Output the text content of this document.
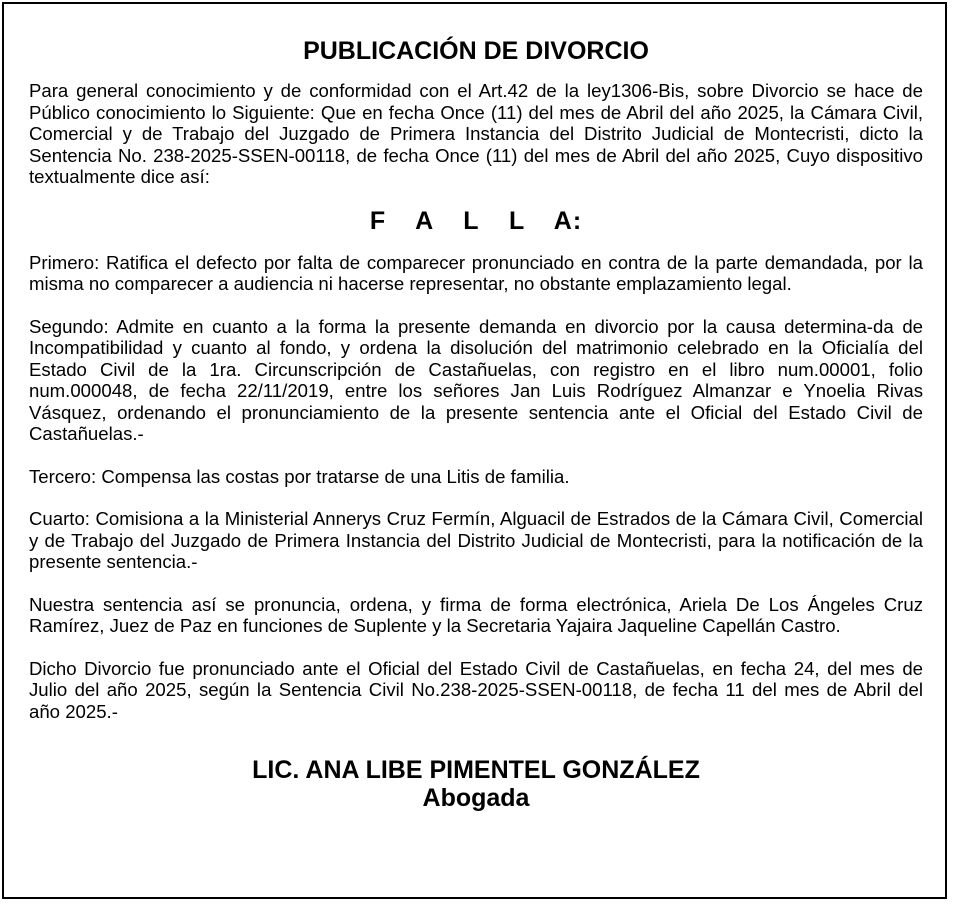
PUBLICACIÓN DE DIVORCIO

Para general conocimiento y de conformidad con el Art.42 de la ley1306-Bis, sobre Divorcio se hace de Público conocimiento lo Siguiente: Que en fecha Once (11) del mes de Abril del año 2025, la Cámara Civil, Comercial y de Trabajo del Juzgado de Primera Instancia del Distrito Judicial de Montecristi, dicto la Sentencia No. 238-2025-SSEN-00118, de fecha Once (11) del mes de Abril del año 2025, Cuyo dispositivo textualmente dice así:

F A L L A:

Primero: Ratifica el defecto por falta de comparecer pronunciado en contra de la parte demandada, por la misma no comparecer a audiencia ni hacerse representar, no obstante emplazamiento legal.

Segundo: Admite en cuanto a la forma la presente demanda en divorcio por la causa determina-da de Incompatibilidad y cuanto al fondo, y ordena la disolución del matrimonio celebrado en la Oficialía del Estado Civil de la 1ra. Circunscripción de Castañuelas, con registro en el libro num.00001, folio num.000048, de fecha 22/11/2019, entre los señores Jan Luis Rodríguez Almanzar e Ynoelia Rivas Vásquez, ordenando el pronunciamiento de la presente sentencia ante el Oficial del Estado Civil de Castañuelas.-

Tercero: Compensa las costas por tratarse de una Litis de familia.

Cuarto: Comisiona a la Ministerial Annerys Cruz Fermín, Alguacil de Estrados de la Cámara Civil, Comercial y de Trabajo del Juzgado de Primera Instancia del Distrito Judicial de Montecristi, para la notificación de la presente sentencia.-

Nuestra sentencia así se pronuncia, ordena, y firma de forma electrónica, Ariela De Los Ángeles Cruz Ramírez, Juez de Paz en funciones de Suplente y la Secretaria Yajaira Jaqueline Capellán Castro.

Dicho Divorcio fue pronunciado ante el Oficial del Estado Civil de Castañuelas, en fecha 24, del mes de Julio del año 2025, según la Sentencia Civil No.238-2025-SSEN-00118, de fecha 11 del mes de Abril del año 2025.-

LIC. ANA LIBE PIMENTEL GONZÁLEZ
Abogada
